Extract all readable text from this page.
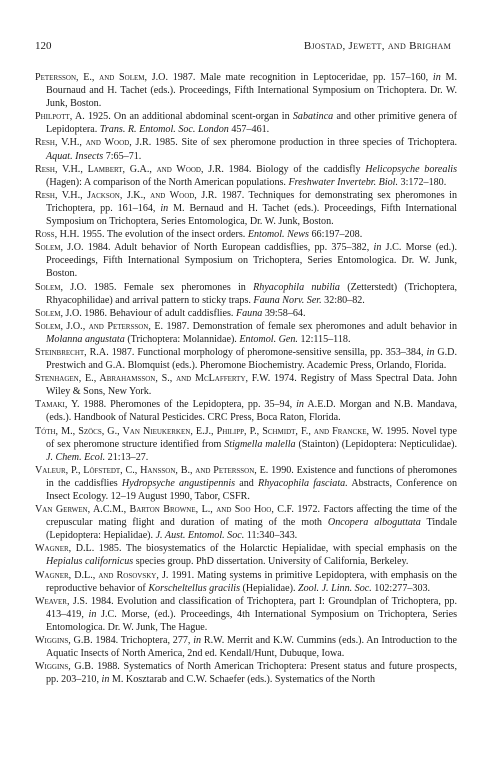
120	Bjostad, Jewett, and Brigham

Petersson, E., and Solem, J.O. 1987. Male mate recognition in Leptoceridae, pp. 157–160, in M. Bournaud and H. Tachet (eds.). Proceedings, Fifth International Symposium on Trichoptera. Dr. W. Junk, Boston.

Philpott, A. 1925. On an additional abdominal scent-organ in Sabatinca and other primitive genera of Lepidoptera. Trans. R. Entomol. Soc. London 457–461.

Resh, V.H., and Wood, J.R. 1985. Site of sex pheromone production in three species of Trichoptera. Aquat. Insects 7:65–71.

Resh, V.H., Lambert, G.A., and Wood, J.R. 1984. Biology of the caddisfly Helicopsyche borealis (Hagen): A comparison of the North American populations. Freshwater Invertebr. Biol. 3:172–180.

Resh, V.H., Jackson, J.K., and Wood, J.R. 1987. Techniques for demonstrating sex pheromones in Trichoptera, pp. 161–164, in M. Bernaud and H. Tachet (eds.). Proceedings, Fifth International Symposium on Trichoptera, Series Entomologica, Dr. W. Junk, Boston.

Ross, H.H. 1955. The evolution of the insect orders. Entomol. News 66:197–208.

Solem, J.O. 1984. Adult behavior of North European caddisflies, pp. 375–382, in J.C. Morse (ed.). Proceedings, Fifth International Symposium on Trichoptera, Series Entomologica. Dr. W. Junk, Boston.

Solem, J.O. 1985. Female sex pheromones in Rhyacophila nubilia (Zetterstedt) (Trichoptera, Rhyacophilidae) and arrival pattern to sticky traps. Fauna Norv. Ser. 32:80–82.

Solem, J.O. 1986. Behaviour of adult caddisflies. Fauna 39:58–64.

Solem, J.O., and Petersson, E. 1987. Demonstration of female sex pheromones and adult behavior in Molanna angustata (Trichoptera: Molannidae). Entomol. Gen. 12:115–118.

Steinbrecht, R.A. 1987. Functional morphology of pheromone-sensitive sensilla, pp. 353–384, in G.D. Prestwich and G.A. Blomquist (eds.). Pheromone Biochemistry. Academic Press, Orlando, Florida.

Stenhagen, E., Abrahamsson, S., and McLafferty, F.W. 1974. Registry of Mass Spectral Data. John Wiley & Sons, New York.

Tamaki, Y. 1988. Pheromones of the Lepidoptera, pp. 35–94, in A.E.D. Morgan and N.B. Mandava, (eds.). Handbook of Natural Pesticides. CRC Press, Boca Raton, Florida.

Tóth, M., Szöcs, G., Van Nieukerken, E.J., Philipp, P., Schmidt, F., and Francke, W. 1995. Novel type of sex pheromone structure identified from Stigmella malella (Stainton) (Lepidoptera: Nepticulidae). J. Chem. Ecol. 21:13–27.

Valeur, P., Löfstedt, C., Hansson, B., and Petersson, E. 1990. Existence and functions of pheromones in the caddisflies Hydropsyche angustipennis and Rhyacophila fasciata. Abstracts, Conference on Insect Ecology. 12–19 August 1990, Tabor, CSFR.

Van Gerwen, A.C.M., Barton Browne, L., and Soo Hoo, C.F. 1972. Factors affecting the time of the crepuscular mating flight and duration of mating of the moth Oncopera alboguttata Tindale (Lepidoptera: Hepialidae). J. Aust. Entomol. Soc. 11:340–343.

Wagner, D.L. 1985. The biosystematics of the Holarctic Hepialidae, with special emphasis on the Hepialus californicus species group. PhD dissertation. University of California, Berkeley.

Wagner, D.L., and Rosovsky, J. 1991. Mating systems in primitive Lepidoptera, with emphasis on the reproductive behavior of Korscheltellus gracilis (Hepialidae). Zool. J. Linn. Soc. 102:277–303.

Weaver, J.S. 1984. Evolution and classification of Trichoptera, part I: Groundplan of Trichoptera, pp. 413–419, in J.C. Morse, (ed.). Proceedings, 4th International Symposium on Trichoptera, Series Entomologica. Dr. W. Junk, The Hague.

Wiggins, G.B. 1984. Trichoptera, 277, in R.W. Merrit and K.W. Cummins (eds.). An Introduction to the Aquatic Insects of North America, 2nd ed. Kendall/Hunt, Dubuque, Iowa.

Wiggins, G.B. 1988. Systematics of North American Trichoptera: Present status and future prospects, pp. 203–210, in M. Kosztarab and C.W. Schaefer (eds.). Systematics of the North
